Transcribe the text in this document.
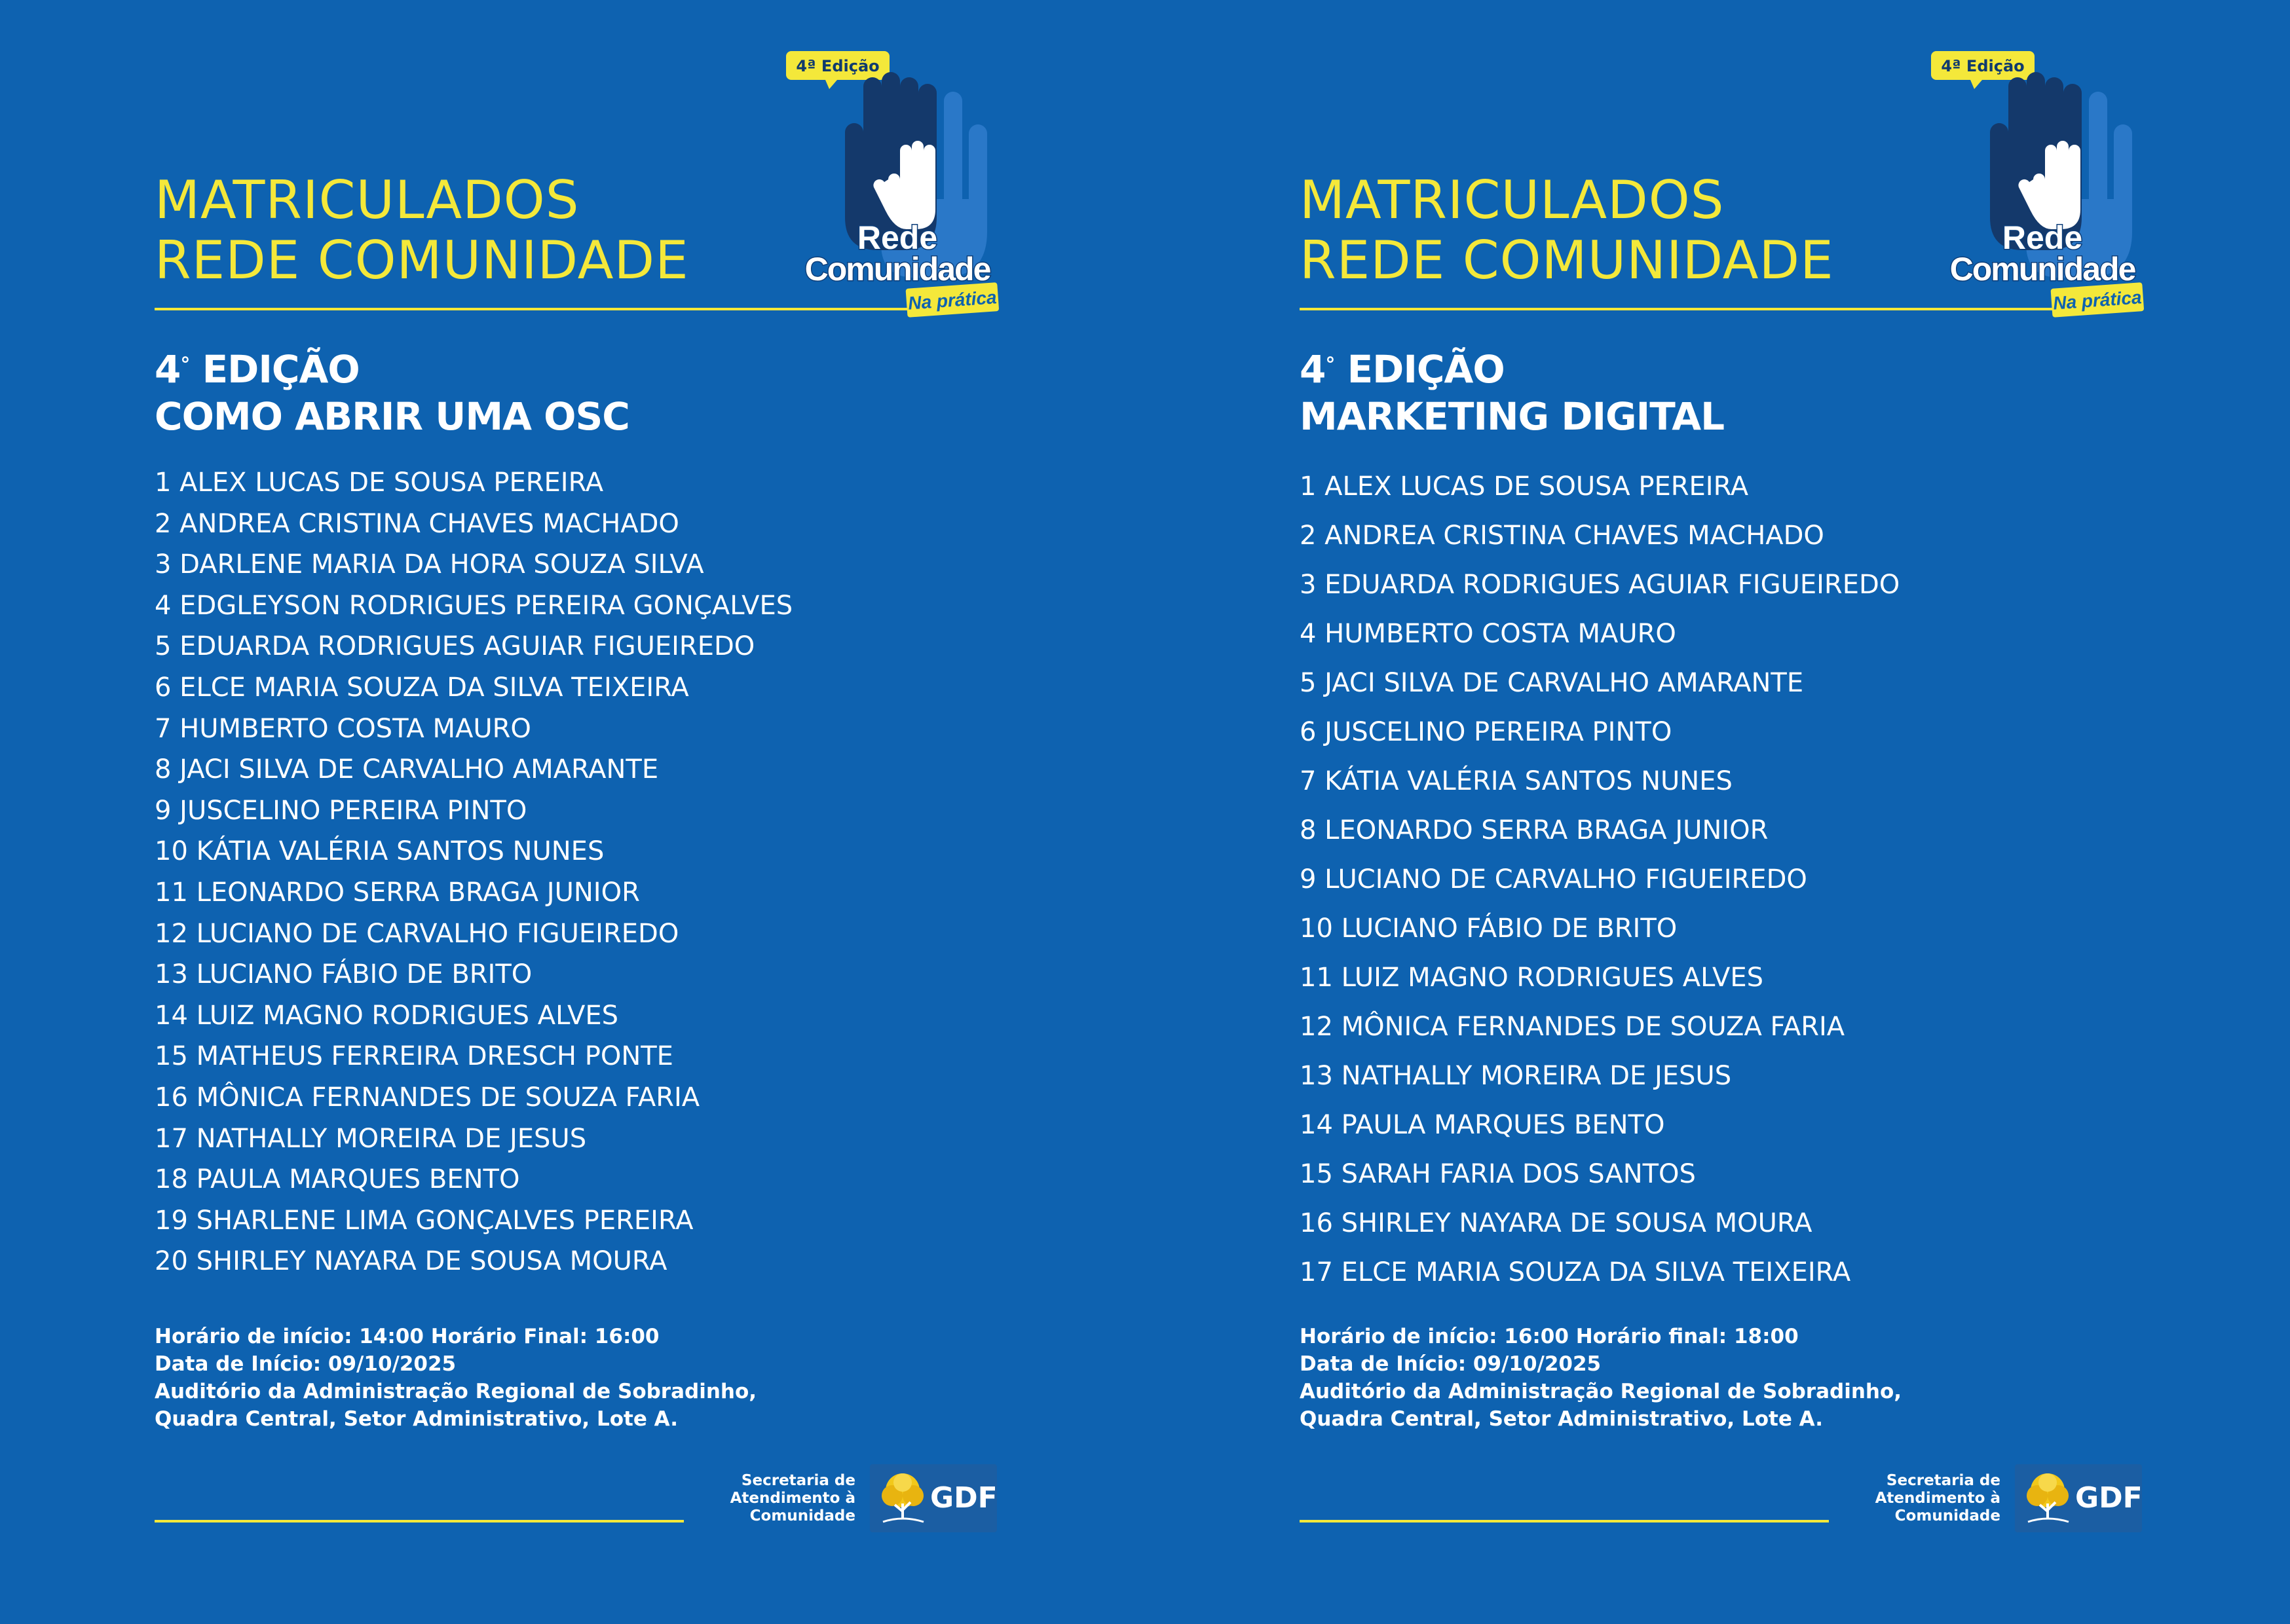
MATRICULADOS
REDE COMUNIDADE
4ª Edição
Rede
Comunidade
Na prática
4° EDIÇÃO
COMO ABRIR UMA OSC
1 ALEX LUCAS DE SOUSA PEREIRA
2 ANDREA CRISTINA CHAVES MACHADO
3 DARLENE MARIA DA HORA SOUZA SILVA
4 EDGLEYSON RODRIGUES PEREIRA GONÇALVES
5 EDUARDA RODRIGUES AGUIAR FIGUEIREDO
6 ELCE MARIA SOUZA DA SILVA TEIXEIRA
7 HUMBERTO COSTA MAURO
8 JACI SILVA DE CARVALHO AMARANTE
9 JUSCELINO PEREIRA PINTO
10 KÁTIA VALÉRIA SANTOS NUNES
11 LEONARDO SERRA BRAGA JUNIOR
12 LUCIANO DE CARVALHO FIGUEIREDO
13 LUCIANO FÁBIO DE BRITO
14 LUIZ MAGNO RODRIGUES ALVES
15 MATHEUS FERREIRA DRESCH PONTE
16 MÔNICA FERNANDES DE SOUZA FARIA
17 NATHALLY MOREIRA DE JESUS
18 PAULA MARQUES BENTO
19 SHARLENE LIMA GONÇALVES PEREIRA
20 SHIRLEY NAYARA DE SOUSA MOURA
Horário de início: 14:00 Horário Final: 16:00
Data de Início: 09/10/2025
Auditório da Administração Regional de Sobradinho,
Quadra Central, Setor Administrativo, Lote A.
Secretaria de
Atendimento à
Comunidade
GDF
MATRICULADOS
REDE COMUNIDADE
4ª Edição
Rede
Comunidade
Na prática
4° EDIÇÃO
MARKETING DIGITAL
1 ALEX LUCAS DE SOUSA PEREIRA
2 ANDREA CRISTINA CHAVES MACHADO
3 EDUARDA RODRIGUES AGUIAR FIGUEIREDO
4 HUMBERTO COSTA MAURO
5 JACI SILVA DE CARVALHO AMARANTE
6 JUSCELINO PEREIRA PINTO
7 KÁTIA VALÉRIA SANTOS NUNES
8 LEONARDO SERRA BRAGA JUNIOR
9 LUCIANO DE CARVALHO FIGUEIREDO
10 LUCIANO FÁBIO DE BRITO
11 LUIZ MAGNO RODRIGUES ALVES
12 MÔNICA FERNANDES DE SOUZA FARIA
13 NATHALLY MOREIRA DE JESUS
14 PAULA MARQUES BENTO
15 SARAH FARIA DOS SANTOS
16 SHIRLEY NAYARA DE SOUSA MOURA
17 ELCE MARIA SOUZA DA SILVA TEIXEIRA
Horário de início: 16:00 Horário final: 18:00
Data de Início: 09/10/2025
Auditório da Administração Regional de Sobradinho,
Quadra Central, Setor Administrativo, Lote A.
Secretaria de
Atendimento à
Comunidade
GDF
